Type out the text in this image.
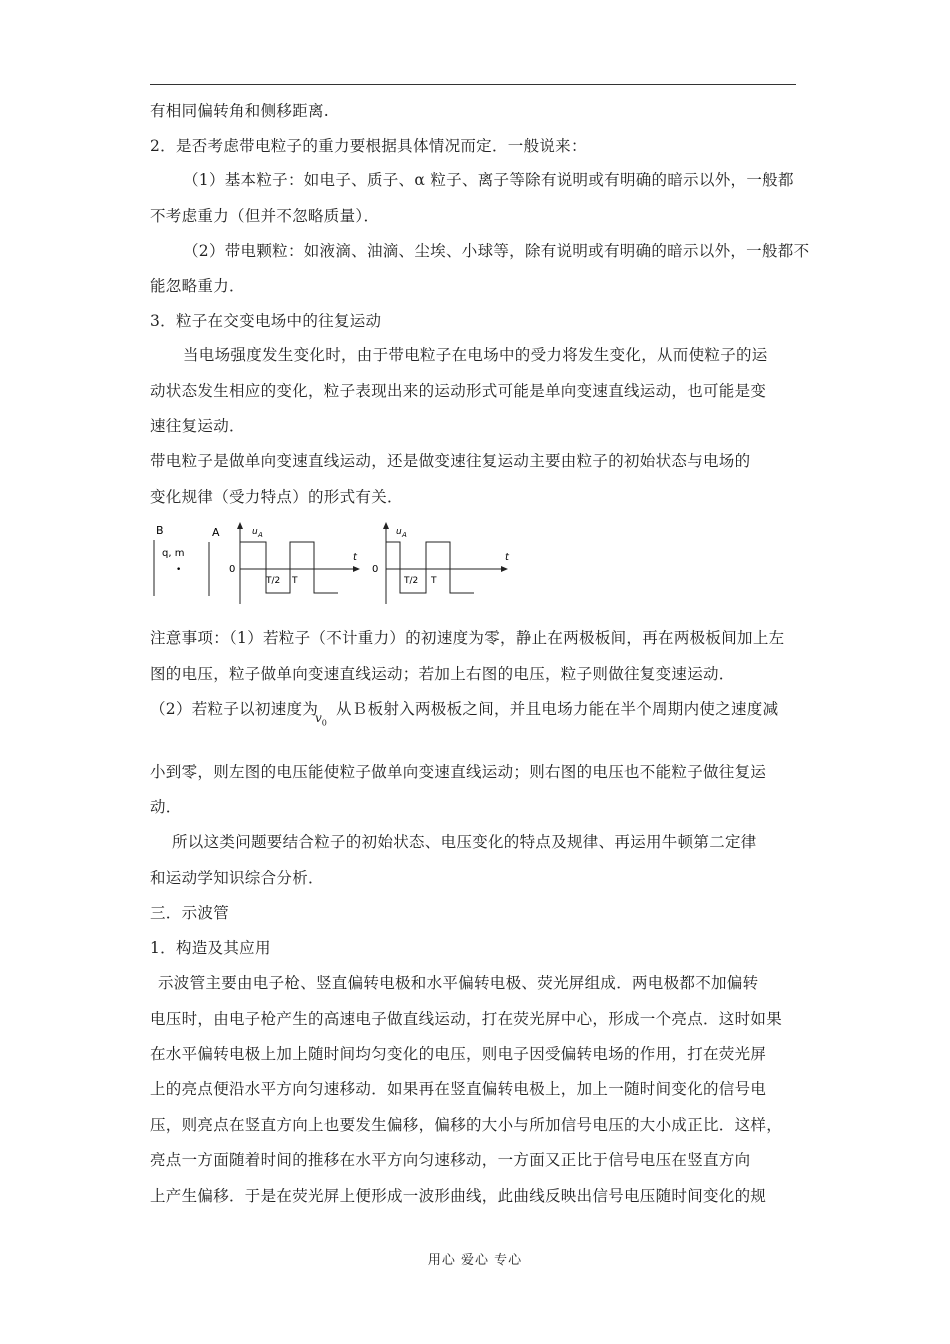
有相同偏转角和侧移距离.
2．是否考虑带电粒子的重力要根据具体情况而定．一般说来：
（1）基本粒子：如电子、质子、α 粒子、离子等除有说明或有明确的暗示以外，一般都
不考虑重力（但并不忽略质量）．
（2）带电颗粒：如液滴、油滴、尘埃、小球等，除有说明或有明确的暗示以外，一般都不
能忽略重力．
3．粒子在交变电场中的往复运动
当电场强度发生变化时，由于带电粒子在电场中的受力将发生变化，从而使粒子的运
动状态发生相应的变化，粒子表现出来的运动形式可能是单向变速直线运动，也可能是变
速往复运动．
带电粒子是做单向变速直线运动，还是做变速往复运动主要由粒子的初始状态与电场的
变化规律（受力特点）的形式有关．
B
q, m
•
A	u A
t
0
T/2 T
u A
t
0
T/2 T
注意事项：（1）若粒子（不计重力）的初速度为零，静止在两极板间，再在两极板间加上左
图的电压，粒子做单向变速直线运动；若加上右图的电压，粒子则做往复变速运动．
（2）若粒子以初速度为
$v_0$
从Ｂ板射入两极板之间，并且电场力能在半个周期内使之速度减
小到零，则左图的电压能使粒子做单向变速直线运动；则右图的电压也不能粒子做往复运
动．
所以这类问题要结合粒子的初始状态、电压变化的特点及规律、再运用牛顿第二定律
和运动学知识综合分析．
三．示波管
1．构造及其应用
示波管主要由电子枪、竖直偏转电极和水平偏转电极、荧光屏组成．两电极都不加偏转
电压时，由电子枪产生的高速电子做直线运动，打在荧光屏中心，形成一个亮点．这时如果
在水平偏转电极上加上随时间均匀变化的电压，则电子因受偏转电场的作用，打在荧光屏
上的亮点便沿水平方向匀速移动．如果再在竖直偏转电极上，加上一随时间变化的信号电
压，则亮点在竖直方向上也要发生偏移，偏移的大小与所加信号电压的大小成正比．这样，
亮点一方面随着时间的推移在水平方向匀速移动，一方面又正比于信号电压在竖直方向
上产生偏移．于是在荧光屏上便形成一波形曲线，此曲线反映出信号电压随时间变化的规
用心 爱心 专心
